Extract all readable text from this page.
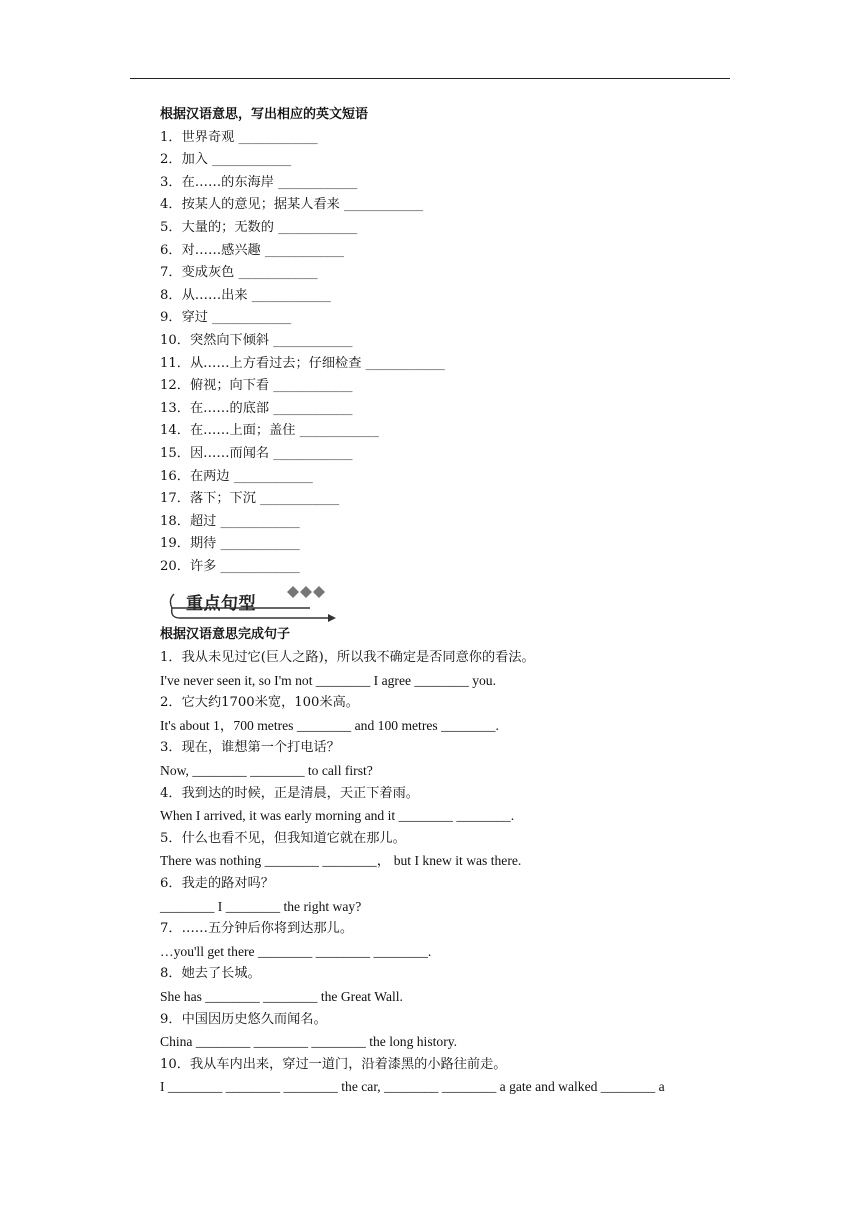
根据汉语意思，写出相应的英文短语
1．世界奇观 ____________
2．加入 ____________
3．在……的东海岸 ____________
4．按某人的意见；据某人看来 ____________
5．大量的；无数的 ____________
6．对……感兴趣 ____________
7．变成灰色 ____________
8．从……出来 ____________
9．穿过 ____________
10．突然向下倾斜 ____________
11．从……上方看过去；仔细检查 ____________
12．俯视；向下看 ____________
13．在……的底部 ____________
14．在……上面；盖住 ____________
15．因……而闻名 ____________
16．在两边 ____________
17．落下；下沉 ____________
18．超过 ____________
19．期待 ____________
20．许多 ____________
重点句型
根据汉语意思完成句子
1．我从未见过它(巨人之路)，所以我不确定是否同意你的看法。
I've never seen it, so I'm not ________ I agree ________ you.
2．它大约1700米宽，100米高。
It's about 1，700 metres ________ and 100 metres ________.
3．现在，谁想第一个打电话？
Now, ________ ________ to call first?
4．我到达的时候，正是清晨，天正下着雨。
When I arrived, it was early morning and it ________ ________.
5．什么也看不见，但我知道它就在那儿。
There was nothing ________ ________， but I knew it was there.
6．我走的路对吗？
________ I ________ the right way?
7．……五分钟后你将到达那儿。
…you'll get there ________ ________ ________.
8．她去了长城。
She has ________ ________ the Great Wall.
9．中国因历史悠久而闻名。
China ________ ________ ________ the long history.
10．我从车内出来，穿过一道门，沿着漆黑的小路往前走。
I ________ ________ ________ the car, ________ ________ a gate and walked ________ a
